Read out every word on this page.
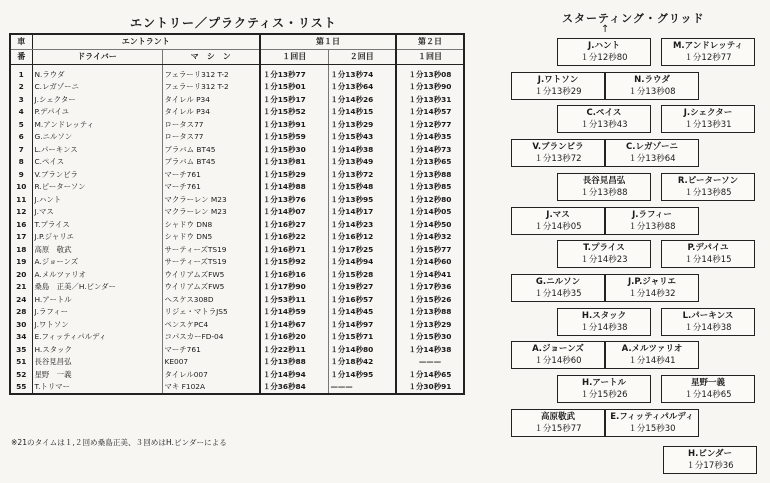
エントリー／プラクティス・リスト
車	エントラント		第１日		第２日
番	ドライバー	マ　シ　ン	１回目	２回目	１回目
1	N.ラウダ	フェラーリ312 T-2	１分13秒77	１分13秒74	１分13秒08
2	C.レガゾーニ	フェラーリ312 T-2	１分15秒01	１分13秒64	１分13秒90
3	J.シェクター	タイレル P34	１分15秒17	１分14秒26	１分13秒31
4	P.デパイユ	タイレル P34	１分15秒52	１分14秒15	１分14秒57
5	M.アンドレッティ	ロータス77	１分13秒91	１分13秒29	１分12秒77
6	G.ニルソン	ロータス77	１分15秒59	１分15秒43	１分14秒35
7	L.パーキンス	ブラバム BT45	１分15秒30	１分14秒38	１分14秒73
8	C.ペイス	ブラバム BT45	１分13秒81	１分13秒49	１分13秒65
9	V.ブランビラ	マーチ761	１分15秒29	１分13秒72	１分13秒88
10	R.ピーターソン	マーチ761	１分14秒88	１分15秒48	１分13秒85
11	J.ハント	マクラーレン M23	１分13秒76	１分13秒95	１分12秒80
12	J.マス	マクラーレン M23	１分14秒07	１分14秒17	１分14秒05
16	T.プライス	シャドウ DN8	１分16秒27	１分14秒23	１分14秒50
17	J.P.ジャリエ	シャドウ DN5	１分16秒22	１分16秒12	１分14秒32
18	高原　敬武	サーティーズTS19	１分16秒71	１分17秒25	１分15秒77
19	A.ジョーンズ	サーティーズTS19	１分15秒92	１分14秒94	１分14秒60
20	A.メルツァリオ	ウイリアムズFW5	１分16秒16	１分15秒28	１分14秒41
21	桑島　正美／H.ビンダー	ウイリアムズFW5	１分17秒90	１分19秒27	１分17秒36
24	H.アートル	ヘスケス308D	１分53秒11	１分16秒57	１分15秒26
28	J.ラフィー	リジェ・マトラJS5	１分14秒59	１分14秒45	１分13秒88
30	J.ワトソン	ペンスケPC4	１分14秒67	１分14秒97	１分13秒29
34	E.フィッティパルディ	コパスカーFD-04	１分16秒20	１分15秒71	１分15秒30
35	H.スタック	マーチ761	１分22秒11	１分14秒80	１分14秒38
51	長谷見昌弘	KE007	１分13秒88	１分18秒42	———
52	星野　一義	タイレル007	１分14秒94	１分14秒95	１分14秒65
55	T.トリマー	マキ F102A	１分36秒84	———	１分30秒91
※21のタイムは１,２回め桑島正美、３回めはH.ビンダーによる
スターティング・グリッド
↑
J.ハント
１分12秒80
M.アンドレッティ
１分12秒77
J.ワトソン
１分13秒29
N.ラウダ
１分13秒08
C.ペイス
１分13秒43
J.シェクター
１分13秒31
V.ブランビラ
１分13秒72
C.レガゾーニ
１分13秒64
長谷見昌弘
１分13秒88
R.ピーターソン
１分13秒85
J.マス
１分14秒05
J.ラフィー
１分13秒88
T.プライス
１分14秒23
P.デパイユ
１分14秒15
G.ニルソン
１分14秒35
J.P.ジャリエ
１分14秒32
H.スタック
１分14秒38
L.パーキンス
１分14秒38
A.ジョーンズ
１分14秒60
A.メルツァリオ
１分14秒41
H.アートル
１分15秒26
星野一義
１分14秒65
高原敬武
１分15秒77
E.フィッティパルディ
１分15秒30
H.ビンダー
１分17秒36
